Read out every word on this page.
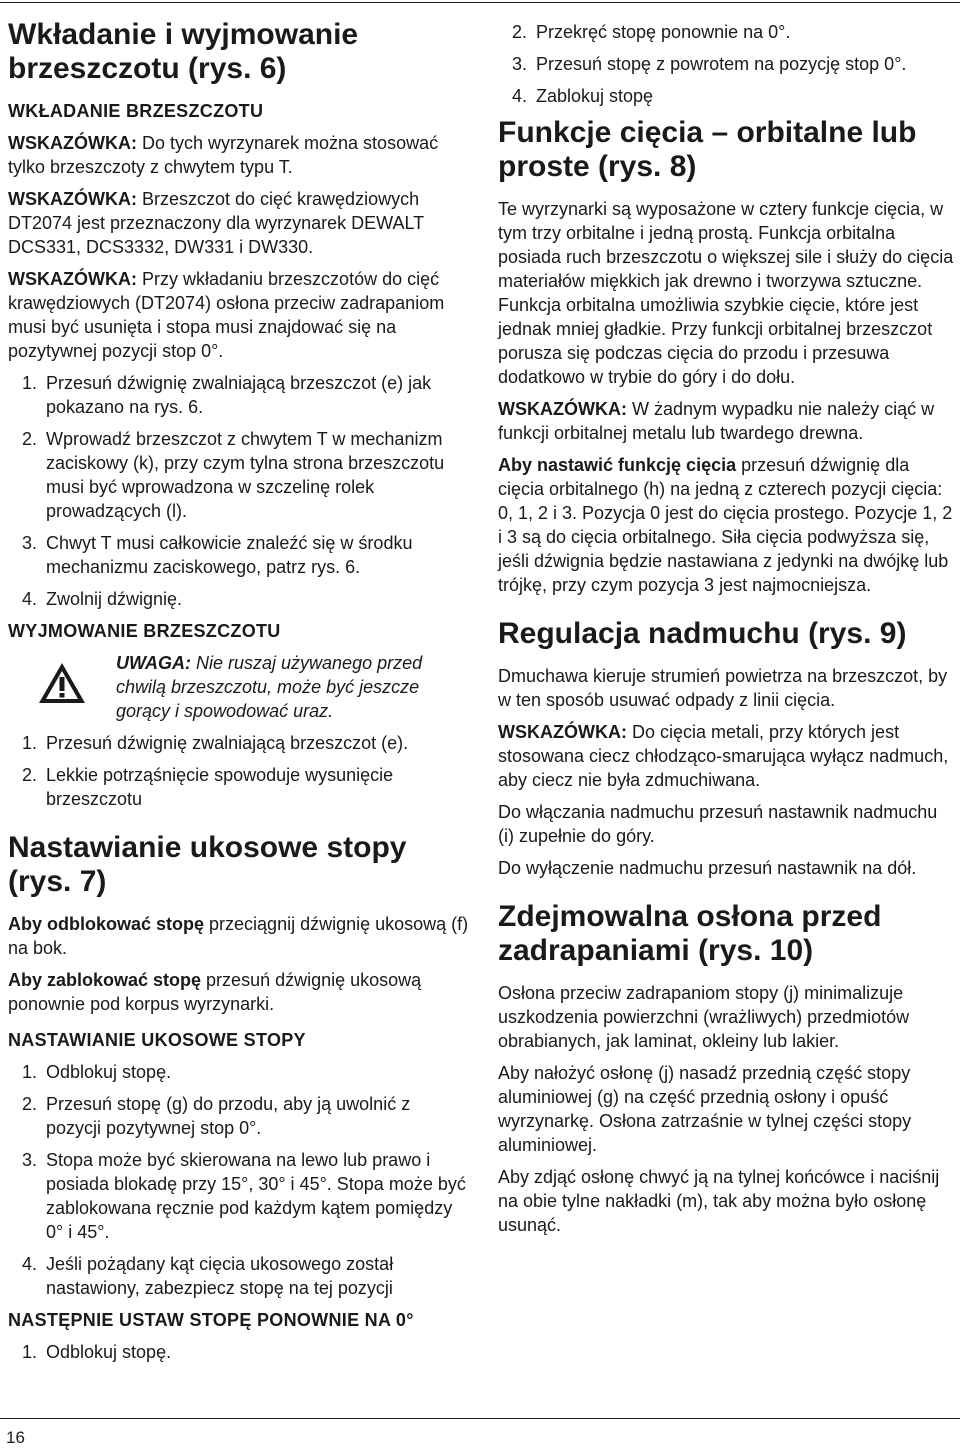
Wkładanie i wyjmowanie brzeszczotu (rys. 6)
WKŁADANIE BRZESZCZOTU

WSKAZÓWKA: Do tych wyrzynarek można stosować tylko brzeszczoty z chwytem typu T.

WSKAZÓWKA: Brzeszczot do cięć krawędziowych DT2074 jest przeznaczony dla wyrzynarek DEWALT DCS331, DCS3332, DW331 i DW330.

WSKAZÓWKA: Przy wkładaniu brzeszczotów do cięć krawędziowych (DT2074) osłona przeciw zadrapaniom musi być usunięta i stopa musi znajdować się na pozytywnej pozycji stop 0°.

1. Przesuń dźwignię zwalniającą brzeszczot (e) jak pokazano na rys. 6.
2. Wprowadź brzeszczot z chwytem T w mechanizm zaciskowy (k), przy czym tylna strona brzeszczotu musi być wprowadzona w szczelinę rolek prowadzących (l).
3. Chwyt T musi całkowicie znaleźć się w środku mechanizmu zaciskowego, patrz rys. 6.
4. Zwolnij dźwignię.
WYJMOWANIE BRZESZCZOTU

UWAGA: Nie ruszaj używanego przed chwilą brzeszczotu, może być jeszcze gorący i spowodować uraz.

1. Przesuń dźwignię zwalniającą brzeszczot (e).
2. Lekkie potrząśnięcie spowoduje wysunięcie brzeszczotu
Nastawianie ukosowe stopy (rys. 7)

Aby odblokować stopę przeciągnij dźwignię ukosową (f) na bok.

Aby zablokować stopę przesuń dźwignię ukosową ponownie pod korpus wyrzynarki.

NASTAWIANIE UKOSOWE STOPY
1. Odblokuj stopę.
2. Przesuń stopę (g) do przodu, aby ją uwolnić z pozycji pozytywnej stop 0°.
3. Stopa może być skierowana na lewo lub prawo i posiada blokadę przy 15°, 30° i 45°. Stopa może być zablokowana ręcznie pod każdym kątem pomiędzy 0° i 45°.
4. Jeśli pożądany kąt cięcia ukosowego został nastawiony, zabezpiecz stopę na tej pozycji
NASTĘPNIE USTAW STOPĘ PONOWNIE NA 0°
1. Odblokuj stopę.
2. Przekręć stopę ponownie na 0°.
3. Przesuń stopę z powrotem na pozycję stop 0°.
4. Zablokuj stopę
Funkcje cięcia – orbitalne lub proste (rys. 8)

Te wyrzynarki są wyposażone w cztery funkcje cięcia, w tym trzy orbitalne i jedną prostą. Funkcja orbitalna posiada ruch brzeszczotu o większej sile i służy do cięcia materiałów miękkich jak drewno i tworzywa sztuczne. Funkcja orbitalna umożliwia szybkie cięcie, które jest jednak mniej gładkie. Przy funkcji orbitalnej brzeszczot porusza się podczas cięcia do przodu i przesuwa dodatkowo w trybie do góry i do dołu.

WSKAZÓWKA: W żadnym wypadku nie należy ciąć w funkcji orbitalnej metalu lub twardego drewna.

Aby nastawić funkcję cięcia przesuń dźwignię dla cięcia orbitalnego (h) na jedną z czterech pozycji cięcia: 0, 1, 2 i 3. Pozycja 0 jest do cięcia prostego. Pozycje 1, 2 i 3 są do cięcia orbitalnego. Siła cięcia podwyższa się, jeśli dźwignia będzie nastawiana z jedynki na dwójkę lub trójkę, przy czym pozycja 3 jest najmocniejsza.

Regulacja nadmuchu (rys. 9)

Dmuchawa kieruje strumień powietrza na brzeszczot, by w ten sposób usuwać odpady z linii cięcia.

WSKAZÓWKA: Do cięcia metali, przy których jest stosowana ciecz chłodząco-smarująca wyłącz nadmuch, aby ciecz nie była zdmuchiwana.

Do włączania nadmuchu przesuń nastawnik nadmuchu (i) zupełnie do góry.

Do wyłączenie nadmuchu przesuń nastawnik na dół.

Zdejmowalna osłona przed zadrapaniami (rys. 10)

Osłona przeciw zadrapaniom stopy (j) minimalizuje uszkodzenia powierzchni (wrażliwych) przedmiotów obrabianych, jak laminat, okleiny lub lakier.

Aby nałożyć osłonę (j) nasadź przednią część stopy aluminiowej (g) na część przednią osłony i opuść wyrzynarkę. Osłona zatrzaśnie w tylnej części stopy aluminiowej.

Aby zdjąć osłonę chwyć ją na tylnej końcówce i naciśnij na obie tylne nakładki (m), tak aby można było osłonę usunąć.

16
